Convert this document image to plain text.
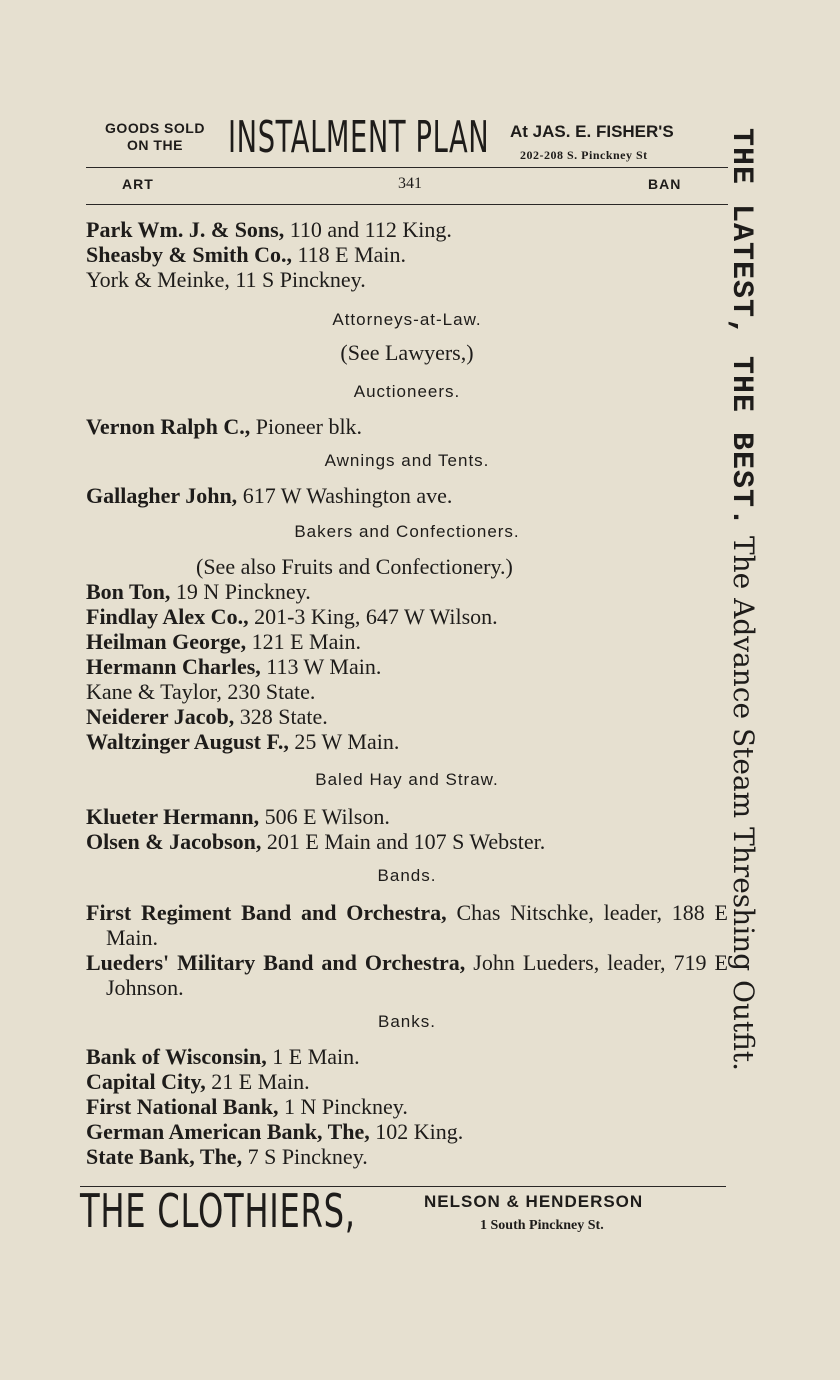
GOODS SOLD
ON THE	INSTALMENT PLAN At JAS. E. FISHER'S
202-208 S. Pinckney St
ART	341	BAN
Park Wm. J. & Sons, 110 and 112 King.
Sheasby & Smith Co., 118 E Main.
York & Meinke, 11 S Pinckney.
Attorneys-at-Law.
(See Lawyers,)
Auctioneers.
Vernon Ralph C., Pioneer blk.
Awnings and Tents.
Gallagher John, 617 W Washington ave.
Bakers and Confectioners.
(See also Fruits and Confectionery.)
Bon Ton, 19 N Pinckney.
Findlay Alex Co., 201-3 King, 647 W Wilson.
Heilman George, 121 E Main.
Hermann Charles, 113 W Main.
Kane & Taylor, 230 State.
Neiderer Jacob, 328 State.
Waltzinger August F., 25 W Main.
Baled Hay and Straw.
Klueter Hermann, 506 E Wilson.
Olsen & Jacobson, 201 E Main and 107 S Webster.
Bands.
First Regiment Band and Orchestra, Chas Nitschke, leader, 188 E Main.
Lueders' Military Band and Orchestra, John Lueders, leader, 719 E Johnson.
Banks.
Bank of Wisconsin, 1 E Main.
Capital City, 21 E Main.
First National Bank, 1 N Pinckney.
German American Bank, The, 102 King.
State Bank, The, 7 S Pinckney.
THE CLOTHIERS,	NELSON & HENDERSON
1 South Pinckney St.
THE LATEST, THE BEST. The Advance Steam Threshing Outfit.
